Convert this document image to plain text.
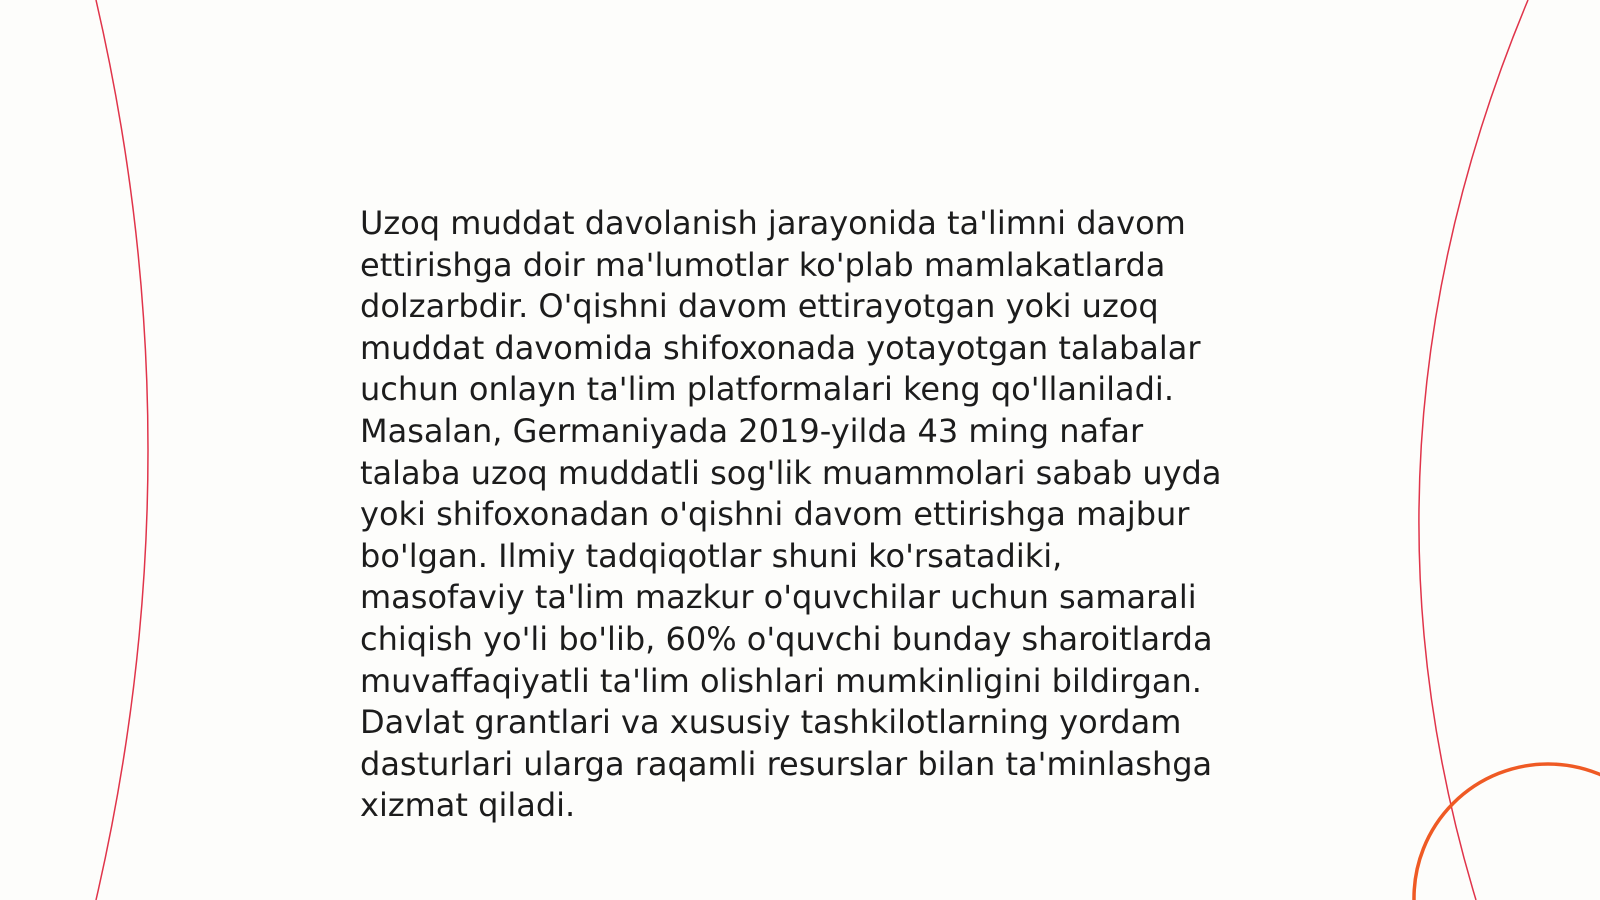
Uzoq muddat davolanish jarayonida ta'limni davom
ettirishga doir ma'lumotlar ko'plab mamlakatlarda
dolzarbdir. O'qishni davom ettirayotgan yoki uzoq
muddat davomida shifoxonada yotayotgan talabalar
uchun onlayn ta'lim platformalari keng qo'llaniladi.
Masalan, Germaniyada 2019-yilda 43 ming nafar
talaba uzoq muddatli sog'lik muammolari sabab uyda
yoki shifoxonadan o'qishni davom ettirishga majbur
bo'lgan. Ilmiy tadqiqotlar shuni ko'rsatadiki,
masofaviy ta'lim mazkur o'quvchilar uchun samarali
chiqish yo'li bo'lib, 60% o'quvchi bunday sharoitlarda
muvaffaqiyatli ta'lim olishlari mumkinligini bildirgan.
Davlat grantlari va xususiy tashkilotlarning yordam
dasturlari ularga raqamli resurslar bilan ta'minlashga
xizmat qiladi.
